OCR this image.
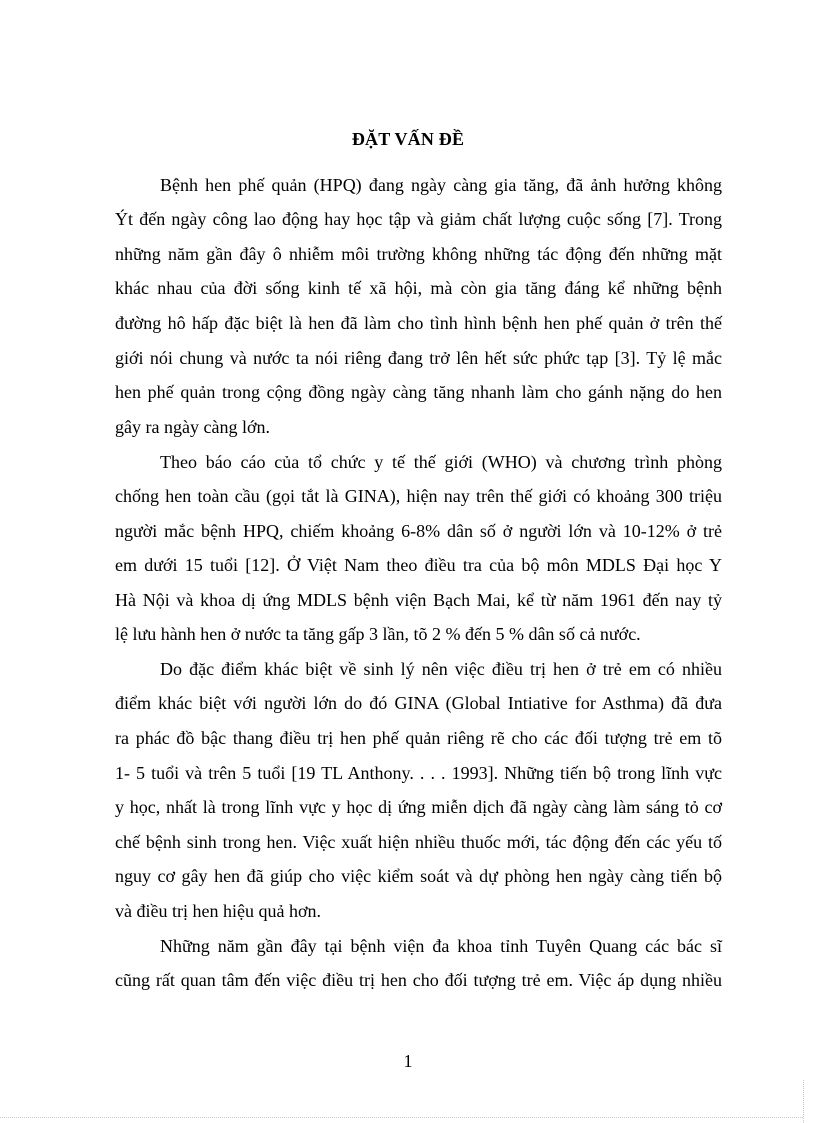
ĐẶT VẤN ĐỀ
Bệnh hen phế quản (HPQ) đang ngày càng gia tăng, đã ảnh hưởng không
Ýt đến ngày công lao động hay học tập và giảm chất lượng cuộc sống [7]. Trong
những năm gần đây ô nhiễm môi trường không những tác động đến những mặt
khác nhau của đời sống kinh tế xã hội, mà còn gia tăng đáng kể những bệnh
đường hô hấp đặc biệt là hen đã làm cho tình hình bệnh hen phế quản ở trên thế
giới nói chung và nước ta nói riêng đang trở lên hết sức phức tạp [3]. Tỷ lệ mắc
hen phế quản trong cộng đồng ngày càng tăng nhanh làm cho gánh nặng do hen
gây ra ngày càng lớn.
Theo báo cáo của tổ chức y tế thế giới (WHO) và chương trình phòng
chống hen toàn cầu (gọi tắt là GINA), hiện nay trên thế giới có khoảng 300 triệu
người mắc bệnh HPQ, chiếm khoảng 6-8% dân số ở người lớn và 10-12% ở trẻ
em dưới 15 tuổi [12]. Ở Việt Nam theo điều tra của bộ môn MDLS Đại học Y
Hà Nội và khoa dị ứng MDLS bệnh viện Bạch Mai, kể từ năm 1961 đến nay tỷ
lệ lưu hành hen ở nước ta tăng gấp 3 lần, tõ 2 % đến 5 % dân số cả nước.
Do đặc điểm khác biệt về sinh lý nên việc điều trị hen ở trẻ em có nhiều
điểm khác biệt với người lớn do đó GINA (Global Intiative for Asthma) đã đưa
ra phác đồ bậc thang điều trị hen phế quản riêng rẽ cho các đối tượng trẻ em tõ
1- 5 tuổi và trên 5 tuổi [19 TL Anthony. . . . 1993]. Những tiến bộ trong lĩnh vực
y học, nhất là trong lĩnh vực y học dị ứng miễn dịch đã ngày càng làm sáng tỏ cơ
chế bệnh sinh trong hen. Việc xuất hiện nhiều thuốc mới, tác động đến các yếu tố
nguy cơ gây hen đã giúp cho việc kiểm soát và dự phòng hen ngày càng tiến bộ
và điều trị hen hiệu quả hơn.
Những năm gần đây tại bệnh viện đa khoa tỉnh Tuyên Quang các bác sĩ
cũng rất quan tâm đến việc điều trị hen cho đối tượng trẻ em. Việc áp dụng nhiều
1
